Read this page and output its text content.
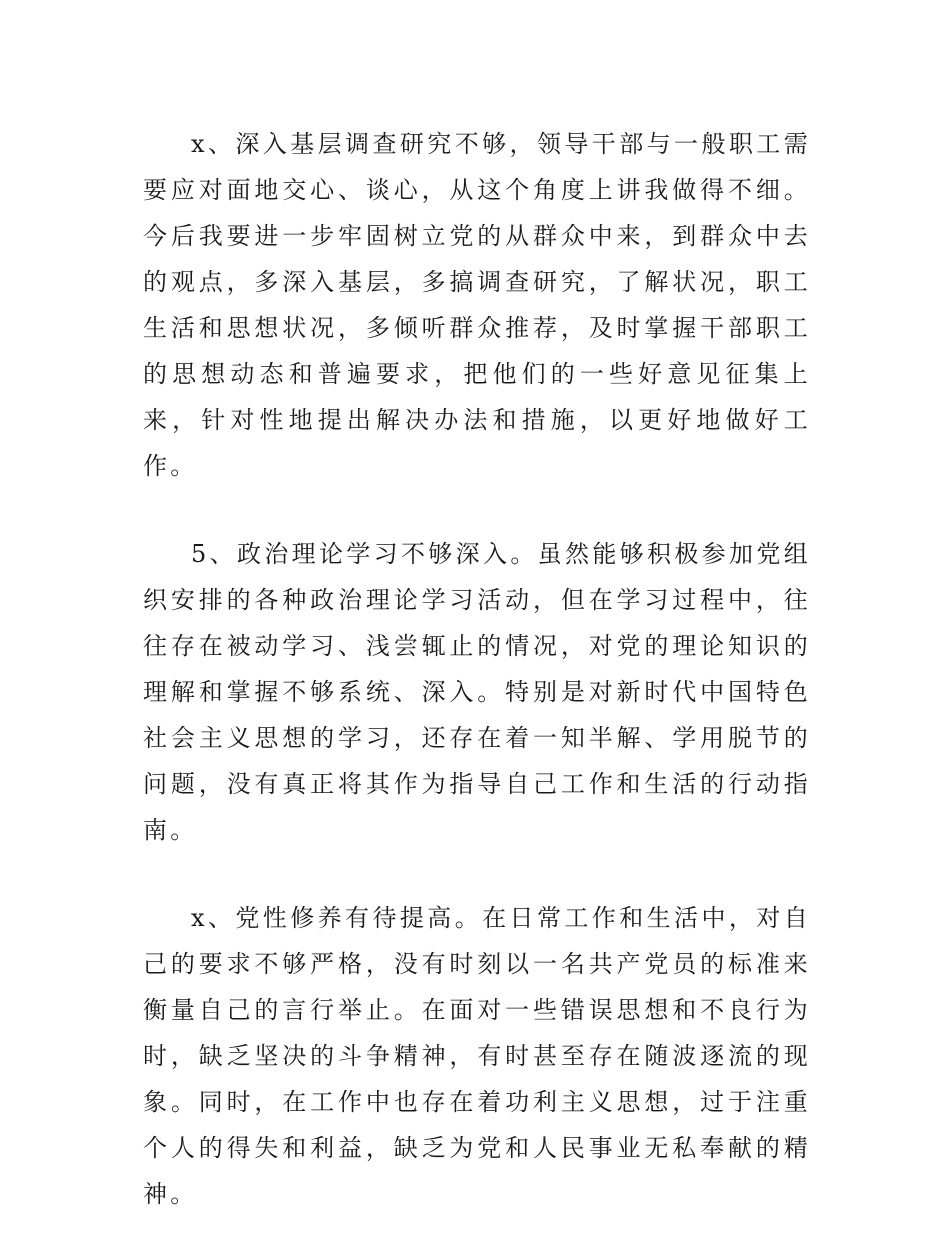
x、深入基层调查研究不够，领导干部与一般职工需要应对面地交心、谈心，从这个角度上讲我做得不细。今后我要进一步牢固树立党的从群众中来，到群众中去的观点，多深入基层，多搞调查研究，了解状况，职工生活和思想状况，多倾听群众推荐，及时掌握干部职工的思想动态和普遍要求，把他们的一些好意见征集上来，针对性地提出解决办法和措施，以更好地做好工作。

5、政治理论学习不够深入。虽然能够积极参加党组织安排的各种政治理论学习活动，但在学习过程中，往往存在被动学习、浅尝辄止的情况，对党的理论知识的理解和掌握不够系统、深入。特别是对新时代中国特色社会主义思想的学习，还存在着一知半解、学用脱节的问题，没有真正将其作为指导自己工作和生活的行动指南。

x、党性修养有待提高。在日常工作和生活中，对自己的要求不够严格，没有时刻以一名共产党员的标准来衡量自己的言行举止。在面对一些错误思想和不良行为时，缺乏坚决的斗争精神，有时甚至存在随波逐流的现象。同时，在工作中也存在着功利主义思想，过于注重个人的得失和利益，缺乏为党和人民事业无私奉献的精神。
